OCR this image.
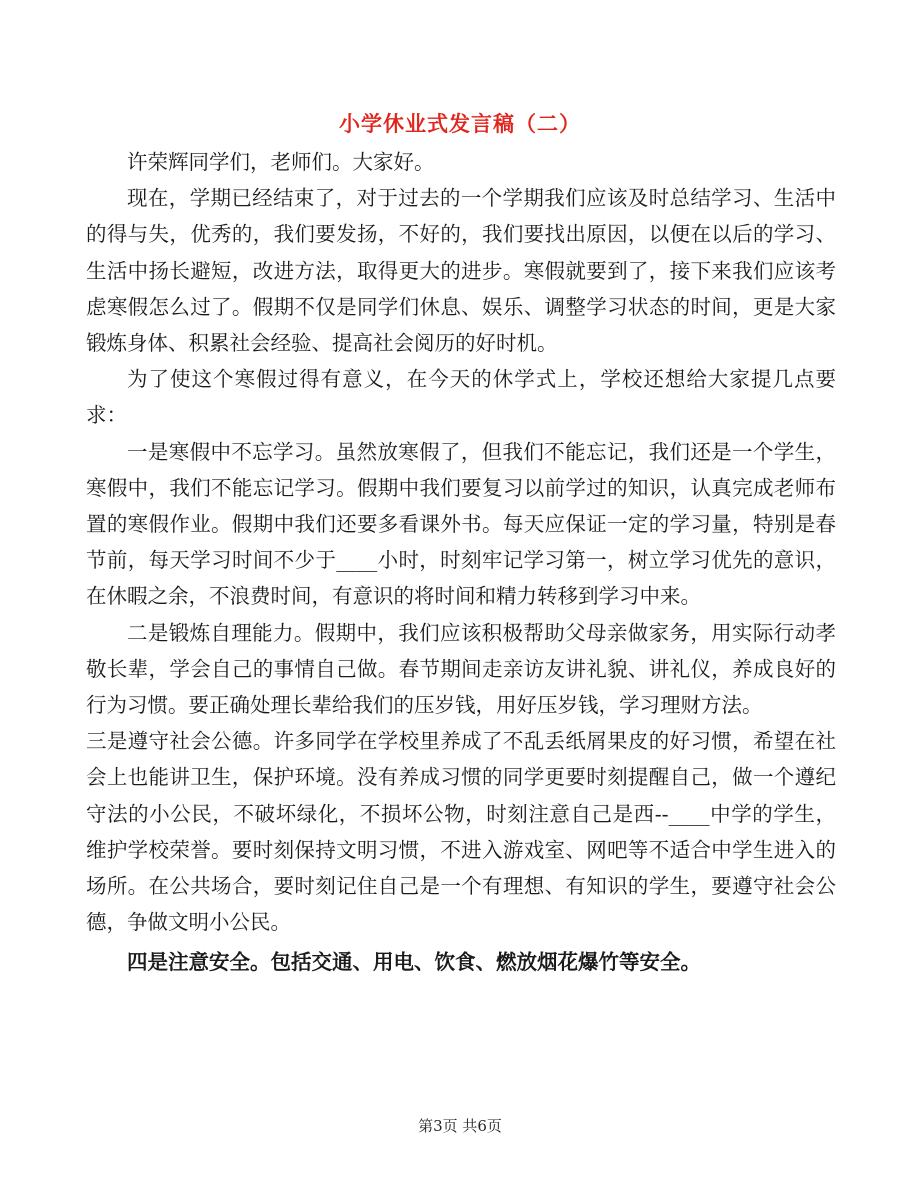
小学休业式发言稿（二）

许荣辉同学们，老师们。大家好。

现在，学期已经结束了，对于过去的一个学期我们应该及时总结学习、生活中的得与失，优秀的，我们要发扬，不好的，我们要找出原因，以便在以后的学习、生活中扬长避短，改进方法，取得更大的进步。寒假就要到了，接下来我们应该考虑寒假怎么过了。假期不仅是同学们休息、娱乐、调整学习状态的时间，更是大家锻炼身体、积累社会经验、提高社会阅历的好时机。

为了使这个寒假过得有意义，在今天的休学式上，学校还想给大家提几点要求：

一是寒假中不忘学习。虽然放寒假了，但我们不能忘记，我们还是一个学生，寒假中，我们不能忘记学习。假期中我们要复习以前学过的知识，认真完成老师布置的寒假作业。假期中我们还要多看课外书。每天应保证一定的学习量，特别是春节前，每天学习时间不少于____小时，时刻牢记学习第一，树立学习优先的意识，在休暇之余，不浪费时间，有意识的将时间和精力转移到学习中来。

二是锻炼自理能力。假期中，我们应该积极帮助父母亲做家务，用实际行动孝敬长辈，学会自己的事情自己做。春节期间走亲访友讲礼貌、讲礼仪，养成良好的行为习惯。要正确处理长辈给我们的压岁钱，用好压岁钱，学习理财方法。

三是遵守社会公德。许多同学在学校里养成了不乱丢纸屑果皮的好习惯，希望在社会上也能讲卫生，保护环境。没有养成习惯的同学更要时刻提醒自己，做一个遵纪守法的小公民，不破坏绿化，不损坏公物，时刻注意自己是西--____中学的学生，维护学校荣誉。要时刻保持文明习惯，不进入游戏室、网吧等不适合中学生进入的场所。在公共场合，要时刻记住自己是一个有理想、有知识的学生，要遵守社会公德，争做文明小公民。

四是注意安全。包括交通、用电、饮食、燃放烟花爆竹等安全。

第3页 共6页
